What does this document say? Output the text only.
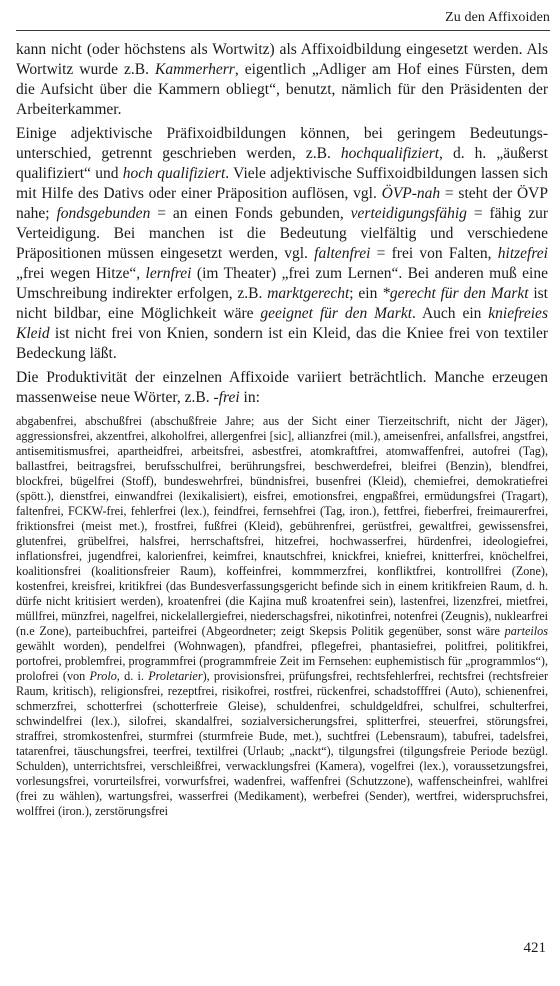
Zu den Affixoiden

kann nicht (oder höchstens als Wortwitz) als Affixoidbildung eingesetzt werden. Als Wortwitz wurde z.B. Kammerherr, eigentlich „Adliger am Hof eines Fürsten, dem die Aufsicht über die Kammern obliegt“, benutzt, nämlich für den Präsidenten der Arbeiterkammer.

Einige adjektivische Präfixoidbildungen können, bei geringem Bedeutungsunterschied, getrennt geschrieben werden, z.B. hochqualifiziert, d. h. „äußerst qualifiziert“ und hoch qualifiziert. Viele adjektivische Suffixoidbildungen lassen sich mit Hilfe des Dativs oder einer Präposition auflösen, vgl. ÖVP-nah = steht der ÖVP nahe; fondsgebunden = an einen Fonds gebunden, verteidigungsfähig = fähig zur Verteidigung. Bei manchen ist die Bedeutung vielfältig und verschiedene Präpositionen müssen eingesetzt werden, vgl. faltenfrei = frei von Falten, hitzefrei „frei wegen Hitze“, lernfrei (im Theater) „frei zum Lernen“. Bei anderen muß eine Umschreibung indirekter erfolgen, z.B. marktgerecht; ein *gerecht für den Markt ist nicht bildbar, eine Möglichkeit wäre geeignet für den Markt. Auch ein kniefreies Kleid ist nicht frei von Knien, sondern ist ein Kleid, das die Kniee frei von textiler Bedeckung läßt.

Die Produktivität der einzelnen Affixoide variiert beträchtlich. Manche erzeugen massenweise neue Wörter, z.B. -frei in:

abgabenfrei, abschußfrei (abschußfreie Jahre; aus der Sicht einer Tierzeitschrift, nicht der Jäger), aggressionsfrei, akzentfrei, alkoholfrei, allergenfrei [sic], allianzfrei (mil.), ameisenfrei, anfallsfrei, angstfrei, antisemitismusfrei, apartheidfrei, arbeitsfrei, asbestfrei, atomkraftfrei, atomwaffenfrei, autofrei (Tag), ballastfrei, beitragsfrei, berufsschulfrei, berührungsfrei, beschwerdefrei, bleifrei (Benzin), blendfrei, blockfrei, bügelfrei (Stoff), bundeswehrfrei, bündnisfrei, busenfrei (Kleid), chemiefrei, demokratiefrei (spött.), dienstfrei, einwandfrei (lexikalisiert), eisfrei, emotionsfrei, engpaßfrei, ermüdungsfrei (Tragart), faltenfrei, FCKW-frei, fehlerfrei (lex.), feindfrei, fernsehfrei (Tag, iron.), fettfrei, fieberfrei, freimaurerfrei, friktionsfrei (meist met.), frostfrei, fußfrei (Kleid), gebührenfrei, gerüstfrei, gewaltfrei, gewissensfrei, glutenfrei, grübelfrei, halsfrei, herrschaftsfrei, hitzefrei, hochwasserfrei, hürdenfrei, ideologiefrei, inflationsfrei, jugendfrei, kalorienfrei, keimfrei, knautschfrei, knickfrei, kniefrei, knitterfrei, knöchelfrei, koalitionsfrei (koalitionsfreier Raum), koffeinfrei, kommmerzfrei, konfliktfrei, kontrollfrei (Zone), kostenfrei, kreisfrei, kritikfrei (das Bundesverfassungsgericht befinde sich in einem kritikfreien Raum, d. h. dürfe nicht kritisiert werden), kroatenfrei (die Kajina muß kroatenfrei sein), lastenfrei, lizenzfrei, mietfrei, müllfrei, münzfrei, nagelfrei, nickelallergiefrei, niederschagsfrei, nikotinfrei, notenfrei (Zeugnis), nuklearfrei (n.e Zone), parteibuchfrei, parteifrei (Abgeordneter; zeigt Skepsis Politik gegenüber, sonst wäre parteilos gewählt worden), pendelfrei (Wohnwagen), pfandfrei, pflegefrei, phantasiefrei, politfrei, politikfrei, portofrei, problemfrei, programmfrei (programmfreie Zeit im Fernsehen: euphemistisch für „programmlos“), prolofrei (von Prolo, d. i. Proletarier), provisionsfrei, prüfungsfrei, rechtsfehlerfrei, rechtsfrei (rechtsfreier Raum, kritisch), religionsfrei, rezeptfrei, risikofrei, rostfrei, rückenfrei, schadstofffrei (Auto), schienenfrei, schmerzfrei, schotterfrei (schotterfreie Gleise), schuldenfrei, schuldgeldfrei, schulfrei, schulterfrei, schwindelfrei (lex.), silofrei, skandalfrei, sozialversicherungsfrei, splitterfrei, steuerfrei, störungsfrei, straffrei, stromkostenfrei, sturmfrei (sturmfreie Bude, met.), suchtfrei (Lebensraum), tabufrei, tadelsfrei, tatarenfrei, täuschungsfrei, teerfrei, textilfrei (Urlaub; „nackt“), tilgungsfrei (tilgungsfreie Periode bezügl. Schulden), unterrichtsfrei, verschleißfrei, verwacklungsfrei (Kamera), vogelfrei (lex.), voraussetzungsfrei, vorlesungsfrei, vorurteilsfrei, vorwurfsfrei, wadenfrei, waffenfrei (Schutzzone), waffenscheinfrei, wahlfrei (frei zu wählen), wartungsfrei, wasserfrei (Medikament), werbefrei (Sender), wertfrei, widerspruchsfrei, wolffrei (iron.), zerstörungsfrei

421
